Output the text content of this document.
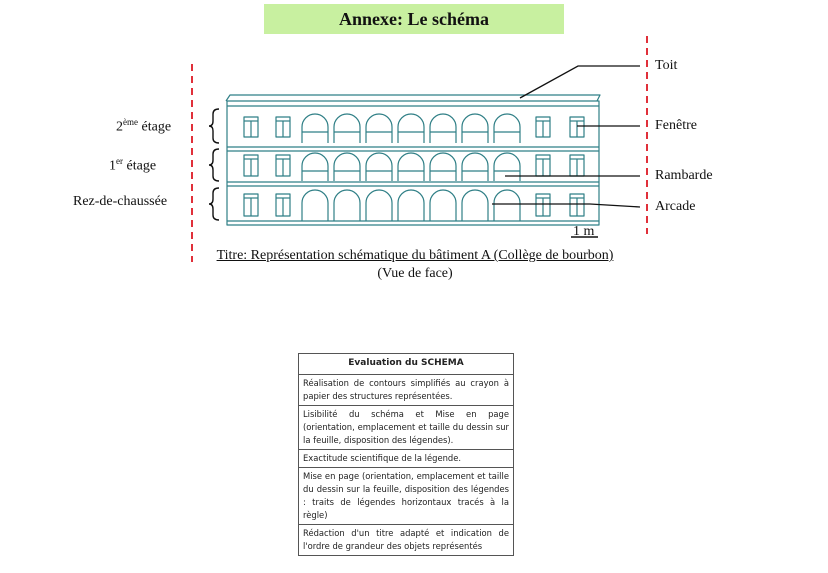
Annexe: Le schéma
2ème étage
1er étage
Rez-de-chaussée
Toit
Fenêtre
Rambarde
Arcade
1 m
Titre: Représentation schématique du bâtiment A (Collège de bourbon)
(Vue de face)
Evaluation du SCHEMA
Réalisation de contours simplifiés au crayon à papier des structures représentées.
Lisibilité du schéma et Mise en page (orientation, emplacement et taille du dessin sur la feuille, disposition des légendes).
Exactitude scientifique de la légende.
Mise en page (orientation, emplacement et taille du dessin sur la feuille, disposition des légendes : traits de légendes horizontaux tracés à la règle)
Rédaction d'un titre adapté et indication de l'ordre de grandeur des objets représentés
